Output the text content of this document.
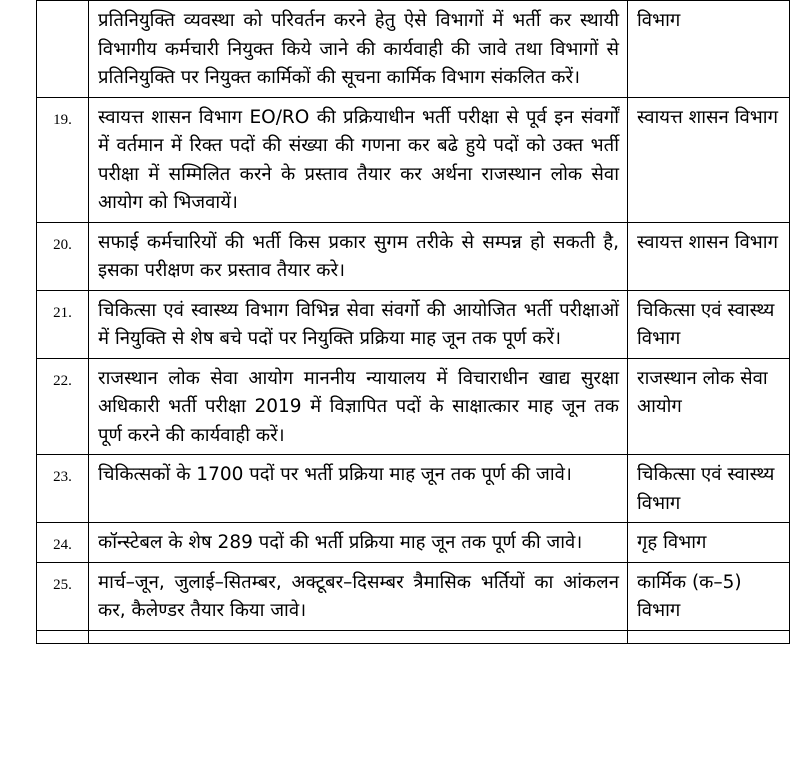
	प्रतिनियुक्ति व्यवस्था को परिवर्तन करने हेतु ऐसे विभागों में भर्ती कर स्थायी विभागीय कर्मचारी नियुक्त किये जाने की कार्यवाही की जावे तथा विभागों से प्रतिनियुक्ति पर नियुक्त कार्मिकों की सूचना कार्मिक विभाग संकलित करें।	विभाग
19.	स्वायत्त शासन विभाग EO/RO की प्रक्रियाधीन भर्ती परीक्षा से पूर्व इन संवर्गों में वर्तमान में रिक्त पदों की संख्या की गणना कर बढे हुये पदों को उक्त भर्ती परीक्षा में सम्मिलित करने के प्रस्ताव तैयार कर अर्थना राजस्थान लोक सेवा आयोग को भिजवायें।	स्वायत्त शासन विभाग
20.	सफाई कर्मचारियों की भर्ती किस प्रकार सुगम तरीके से सम्पन्न हो सकती है, इसका परीक्षण कर प्रस्ताव तैयार करे।	स्वायत्त शासन विभाग
21.	चिकित्सा एवं स्वास्थ्य विभाग विभिन्न सेवा संवर्गो की आयोजित भर्ती परीक्षाओं में नियुक्ति से शेष बचे पदों पर नियुक्ति प्रक्रिया माह जून तक पूर्ण करें।	चिकित्सा एवं स्वास्थ्य विभाग
22.	राजस्थान लोक सेवा आयोग माननीय न्यायालय में विचाराधीन खाद्य सुरक्षा अधिकारी भर्ती परीक्षा 2019 में विज्ञापित पदों के साक्षात्कार माह जून तक पूर्ण करने की कार्यवाही करें।	राजस्थान लोक सेवा आयोग
23.	चिकित्सकों के 1700 पदों पर भर्ती प्रक्रिया माह जून तक पूर्ण की जावे।	चिकित्सा एवं स्वास्थ्य विभाग
24.	कॉन्स्टेबल के शेष 289 पदों की भर्ती प्रक्रिया माह जून तक पूर्ण की जावे।	गृह विभाग
25.	मार्च–जून, जुलाई–सितम्बर, अक्टूबर–दिसम्बर त्रैमासिक भर्तियों का आंकलन कर, कैलेण्डर तैयार किया जावे।	कार्मिक (क–5) विभाग
